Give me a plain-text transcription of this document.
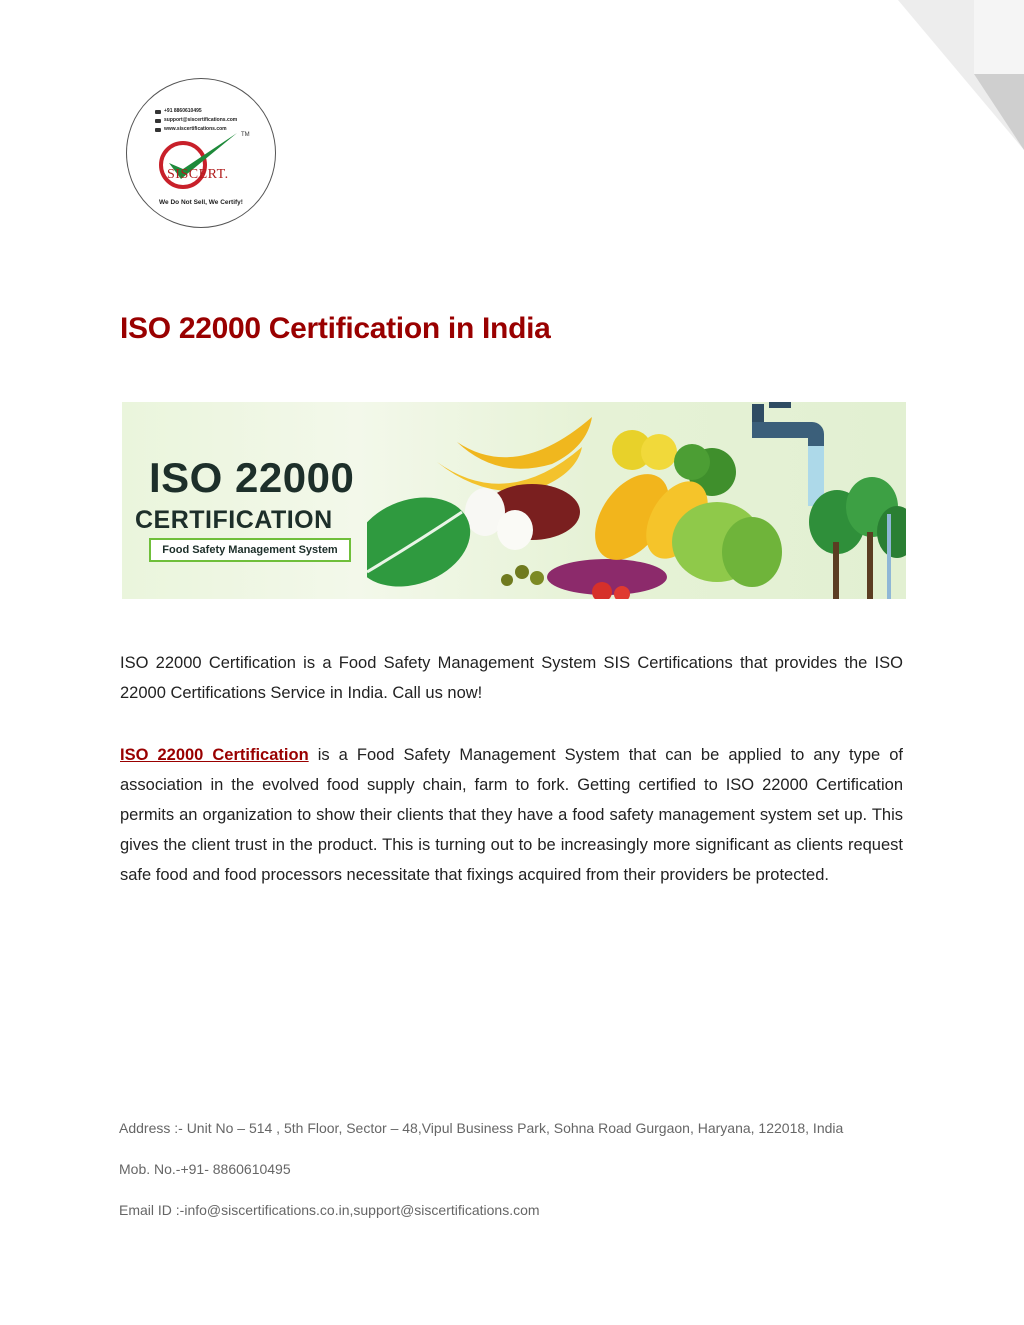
+91 8860610495
support@siscertifications.com
www.siscertifications.com
TM
SISCERT.
We Do Not Sell, We Certify!
ISO 22000 Certification in India
ISO 22000
CERTIFICATION
Food Safety Management System

ISO 22000 Certification is a Food Safety Management System SIS Certifications that provides the ISO 22000 Certifications Service in India. Call us now!

ISO 22000 Certification is a Food Safety Management System that can be applied to any type of association in the evolved food supply chain, farm to fork. Getting certified to ISO 22000 Certification permits an organization to show their clients that they have a food safety management system set up. This gives the client trust in the product. This is turning out to be increasingly more significant as clients request safe food and food processors necessitate that fixings acquired from their providers be protected.

Address :- Unit No – 514 , 5th Floor, Sector – 48,Vipul Business Park, Sohna Road Gurgaon, Haryana, 122018, India

Mob. No.-+91- 8860610495

Email ID :-info@siscertifications.co.in,support@siscertifications.com
